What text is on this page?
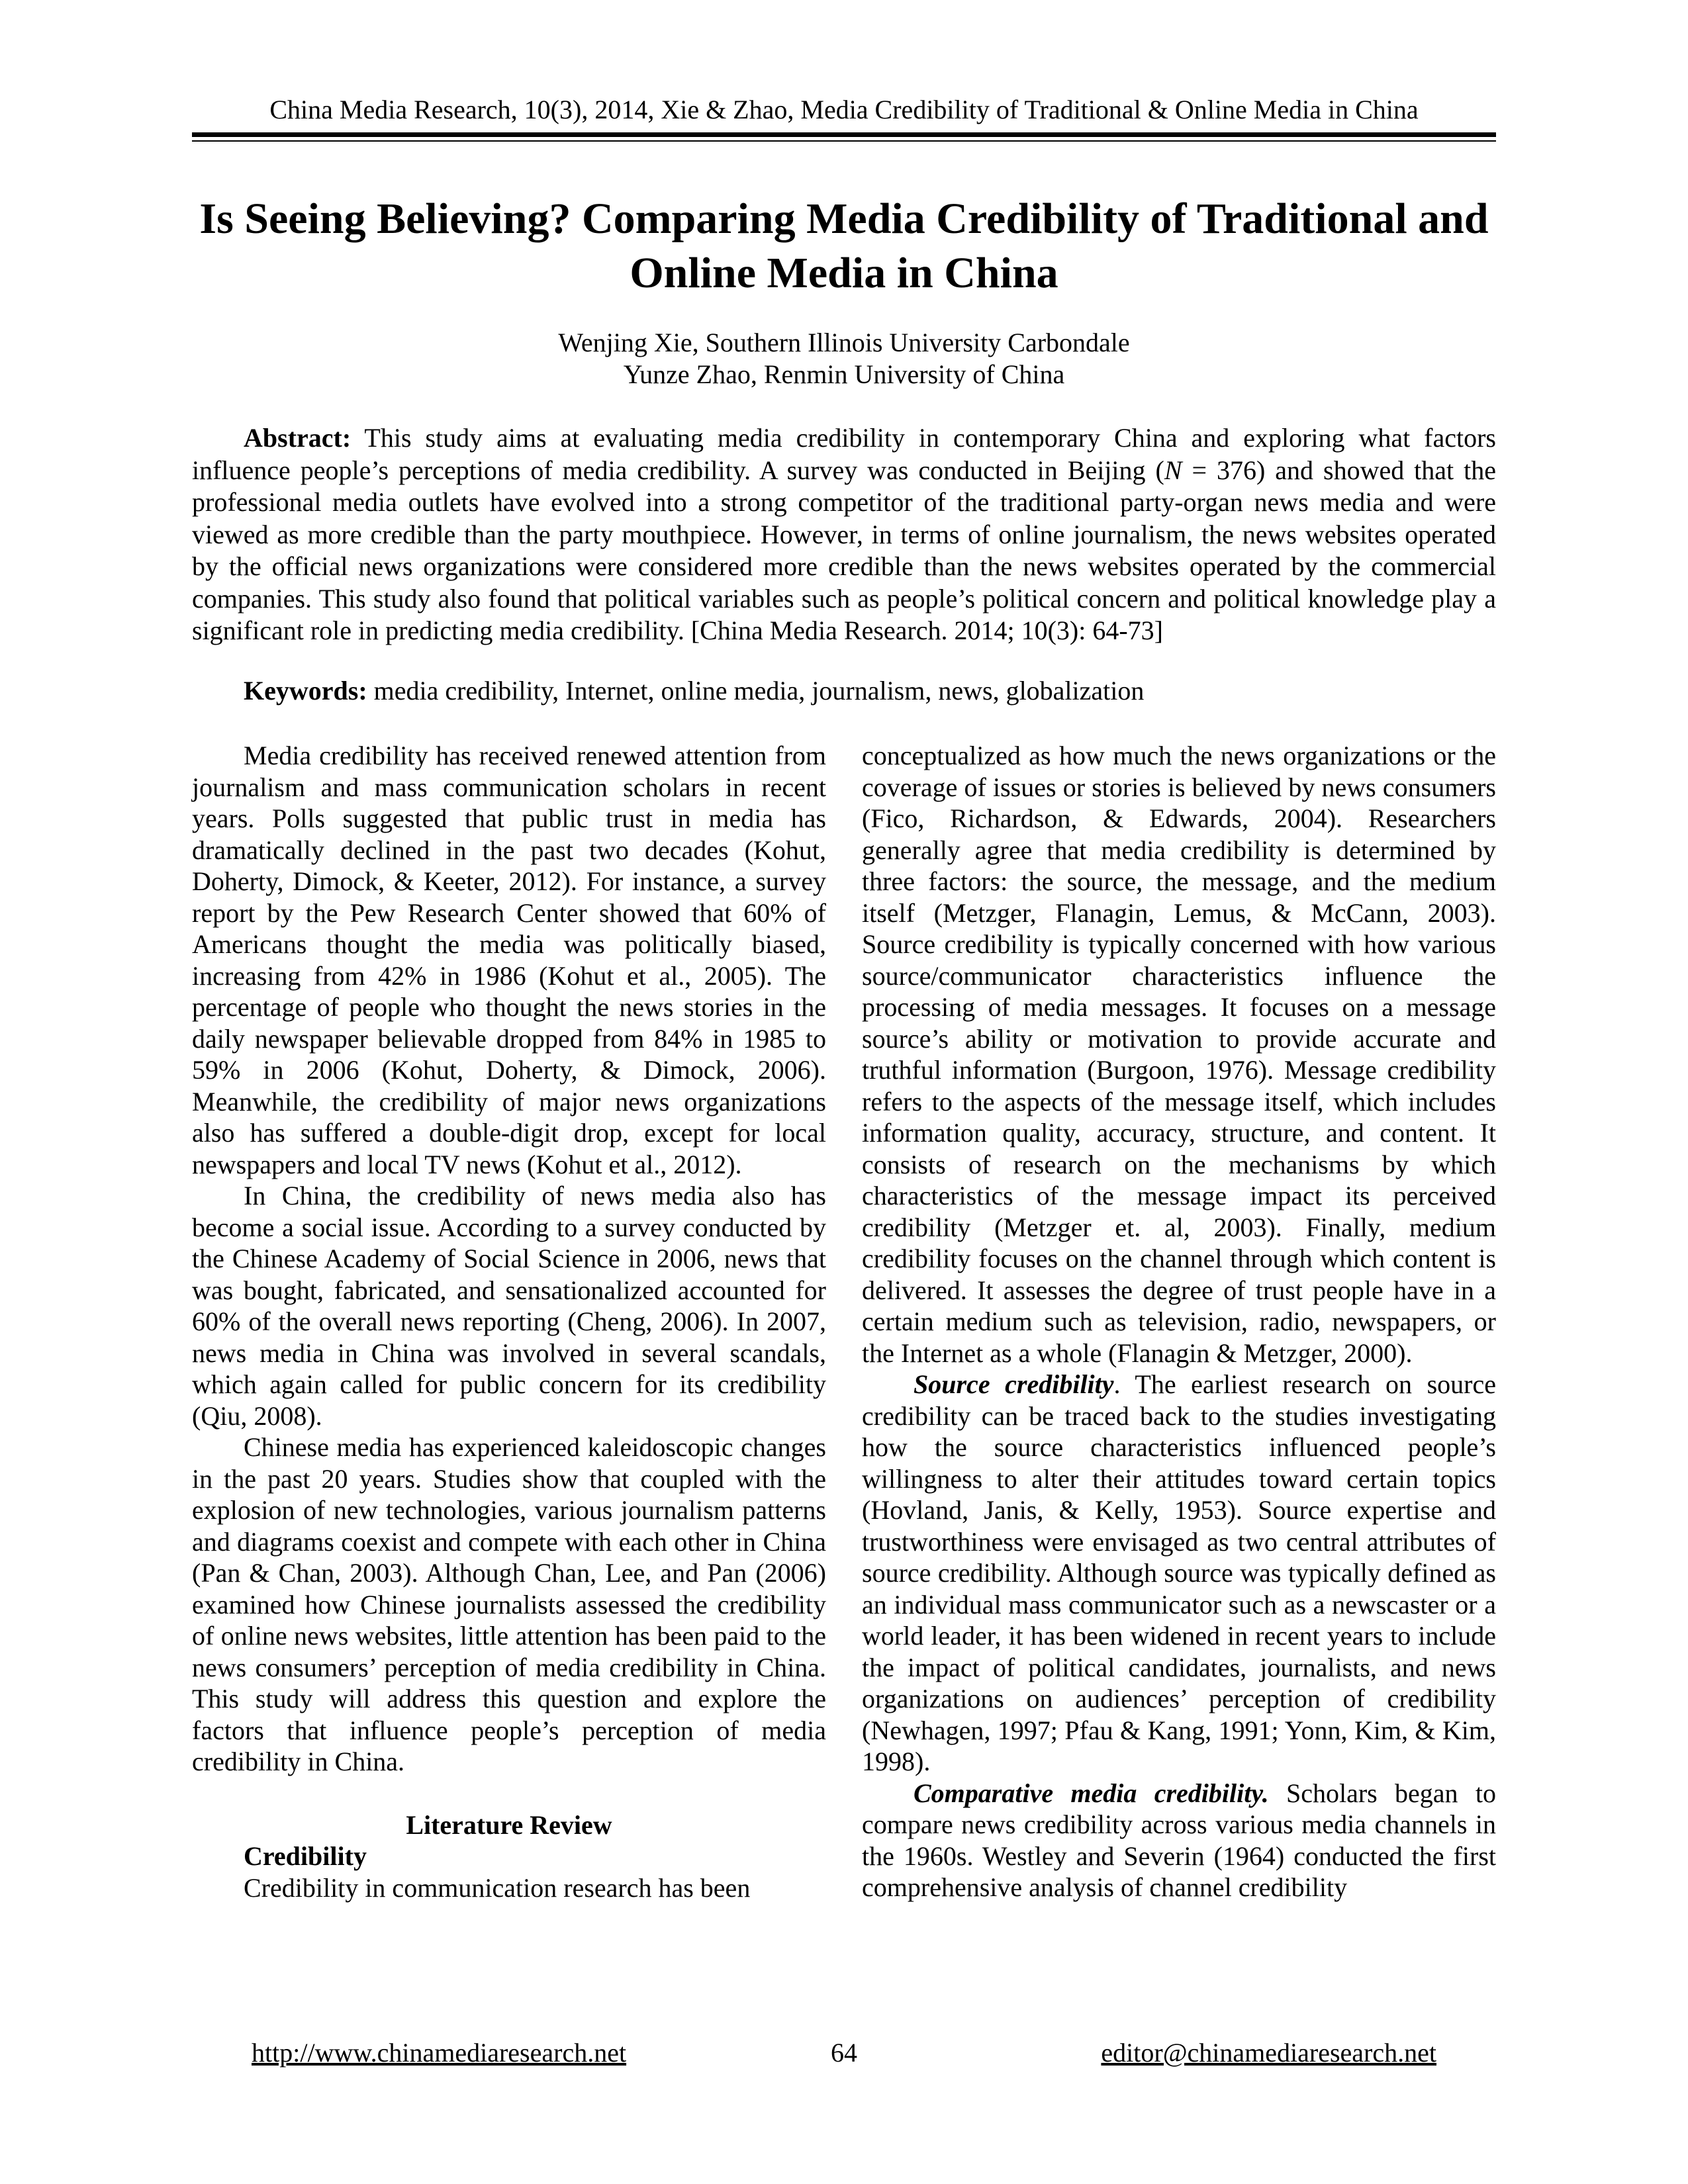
China Media Research, 10(3), 2014, Xie & Zhao, Media Credibility of Traditional & Online Media in China
Is Seeing Believing? Comparing Media Credibility of Traditional and Online Media in China
Wenjing Xie, Southern Illinois University Carbondale
Yunze Zhao, Renmin University of China

Abstract: This study aims at evaluating media credibility in contemporary China and exploring what factors influence people’s perceptions of media credibility. A survey was conducted in Beijing (N = 376) and showed that the professional media outlets have evolved into a strong competitor of the traditional party-organ news media and were viewed as more credible than the party mouthpiece. However, in terms of online journalism, the news websites operated by the official news organizations were considered more credible than the news websites operated by the commercial companies. This study also found that political variables such as people’s political concern and political knowledge play a significant role in predicting media credibility. [China Media Research. 2014; 10(3): 64-73]

Keywords: media credibility, Internet, online media, journalism, news, globalization

Media credibility has received renewed attention from journalism and mass communication scholars in recent years. Polls suggested that public trust in media has dramatically declined in the past two decades (Kohut, Doherty, Dimock, & Keeter, 2012). For instance, a survey report by the Pew Research Center showed that 60% of Americans thought the media was politically biased, increasing from 42% in 1986 (Kohut et al., 2005). The percentage of people who thought the news stories in the daily newspaper believable dropped from 84% in 1985 to 59% in 2006 (Kohut, Doherty, & Dimock, 2006). Meanwhile, the credibility of major news organizations also has suffered a double-digit drop, except for local newspapers and local TV news (Kohut et al., 2012).

In China, the credibility of news media also has become a social issue. According to a survey conducted by the Chinese Academy of Social Science in 2006, news that was bought, fabricated, and sensationalized accounted for 60% of the overall news reporting (Cheng, 2006). In 2007, news media in China was involved in several scandals, which again called for public concern for its credibility (Qiu, 2008).

Chinese media has experienced kaleidoscopic changes in the past 20 years. Studies show that coupled with the explosion of new technologies, various journalism patterns and diagrams coexist and compete with each other in China (Pan & Chan, 2003). Although Chan, Lee, and Pan (2006) examined how Chinese journalists assessed the credibility of online news websites, little attention has been paid to the news consumers’ perception of media credibility in China. This study will address this question and explore the factors that influence people’s perception of media credibility in China.

Literature Review
Credibility

Credibility in communication research has been

conceptualized as how much the news organizations or the coverage of issues or stories is believed by news consumers (Fico, Richardson, & Edwards, 2004). Researchers generally agree that media credibility is determined by three factors: the source, the message, and the medium itself (Metzger, Flanagin, Lemus, & McCann, 2003). Source credibility is typically concerned with how various source/communicator characteristics influence the processing of media messages. It focuses on a message source’s ability or motivation to provide accurate and truthful information (Burgoon, 1976). Message credibility refers to the aspects of the message itself, which includes information quality, accuracy, structure, and content. It consists of research on the mechanisms by which characteristics of the message impact its perceived credibility (Metzger et. al, 2003). Finally, medium credibility focuses on the channel through which content is delivered. It assesses the degree of trust people have in a certain medium such as television, radio, newspapers, or the Internet as a whole (Flanagin & Metzger, 2000).

Source credibility. The earliest research on source credibility can be traced back to the studies investigating how the source characteristics influenced people’s willingness to alter their attitudes toward certain topics (Hovland, Janis, & Kelly, 1953). Source expertise and trustworthiness were envisaged as two central attributes of source credibility. Although source was typically defined as an individual mass communicator such as a newscaster or a world leader, it has been widened in recent years to include the impact of political candidates, journalists, and news organizations on audiences’ perception of credibility (Newhagen, 1997; Pfau & Kang, 1991; Yonn, Kim, & Kim, 1998).

Comparative media credibility. Scholars began to compare news credibility across various media channels in the 1960s. Westley and Severin (1964) conducted the first comprehensive analysis of channel credibility

http://www.chinamediaresearch.net	64	editor@chinamediaresearch.net
